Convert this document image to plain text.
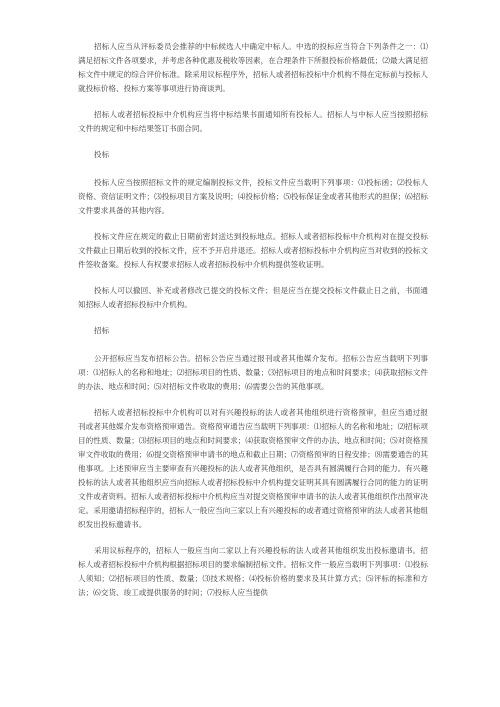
招标人应当从评标委员会推荐的中标候选人中确定中标人。中选的投标应当符合下列条件之一：⑴满足招标文件各项要求，并考虑各种优惠及税收等因素，在合理条件下所报投标价格最低；⑵最大满足招标文件中规定的综合评价标准。除采用议标程序外，招标人或者招标投标中介机构不得在定标前与投标人就投标价格、投标方案等事项进行协商谈判。

招标人或者招标投标中介机构应当将中标结果书面通知所有投标人。招标人与中标人应当按照招标文件的规定和中标结果签订书面合同。

投标

投标人应当按照招标文件的规定编制投标文件，投标文件应当载明下列事项：⑴投标函；⑵投标人资格、资信证明文件；⑶投标项目方案及说明；⑷投标价格；⑸投标保证金或者其他形式的担保；⑹招标文件要求具备的其他内容。

投标文件应在规定的截止日期前密封送达到投标地点。招标人或者招标投标中介机构对在提交投标文件截止日期后收到的投标文件，应不予开启并退还。招标人或者招标投标中介机构应当对收到的投标文件签收备案。投标人有权要求招标人或者招标投标中介机构提供签收证明。

投标人可以撤回、补充或者修改已提交的投标文件；但是应当在提交投标文件截止日之前，书面通知招标人或者招标投标中介机构。

招标

公开招标应当发布招标公告。招标公告应当通过报刊或者其他媒介发布。招标公告应当载明下列事项：⑴招标人的名称和地址；⑵招标项目的性质、数量；⑶招标项目的地点和时间要求；⑷获取招标文件的办法、地点和时间；⑸对招标文件收取的费用；⑹需要公告的其他事项。

招标人或者招标投标中介机构可以对有兴趣投标的法人或者其他组织进行资格预审，但应当通过报刊或者其他媒介发布资格预审通告。资格预审通告应当载明下列事项：⑴招标人的名称和地址；⑵招标项目的性质、数量；⑶招标项目的地点和时间要求；⑷获取资格预审文件的办法、地点和时间；⑸对资格预审文件收取的费用；⑹提交资格预审申请书的地点和截止日期；⑺资格预审的日程安排；⑻需要通告的其他事项。上述预审应当主要审查有兴趣投标的法人或者其他组织，是否具有圆满履行合同的能力。有兴趣投标的法人或者其他组织应当向招标人或者招标投标中介机构提交证明其具有圆满履行合同的能力的证明文件或者资料。招标人或者招标投标中介机构应当对提交资格预审申请书的法人或者其他组织作出预审决定。采用邀请招标程序的，招标人一般应当向三家以上有兴趣投标的或者通过资格预审的法人或者其他组织发出投标邀请书。

采用议标程序的，招标人一般应当向二家以上有兴趣投标的法人或者其他组织发出投标邀请书。招标人或者招标投标中介机构根据招标项目的要求编制招标文件。招标文件一般应当载明下列事项：⑴投标人须知；⑵招标项目的性质、数量；⑶技术规格；⑷投标价格的要求及其计算方式；⑸评标的标准和方法；⑹交货、竣工或提供服务的时间；⑺投标人应当提供
